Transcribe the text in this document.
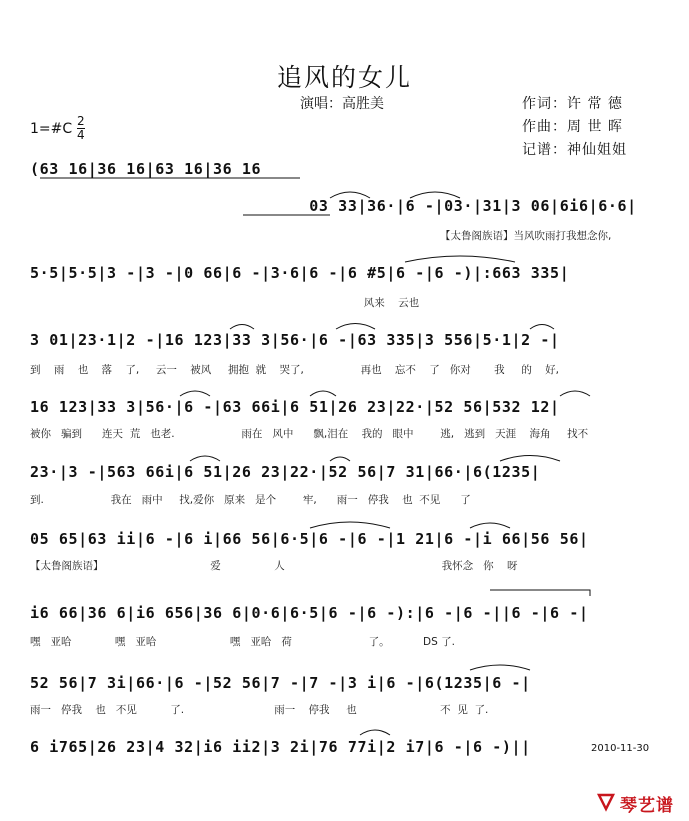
追风的女儿
演唱：高胜美	作词：许 常 德
作曲：周 世 晖
记谱：神仙姐姐
1=#C 2
4
(63 16|36 16|63 16|36 16
03 33|36·|6 -|03·|31|3 06|6i6|6·6|
【太鲁阁族语】当风吹雨打我想念你,
5·5|5·5|3 -|3 -|0 66|6 -|3·6|6 -|6 #5|6 -|6 -)|:663 335|
风来    云也
3 01|23·1|2 -|16 123|33 3|56·|6 -|63 335|3 556|5·1|2 -|
到    雨    也    落    了,     云一    被风     拥抱  就    哭了,                 再也    忘不    了   你对       我     的    好,
16 123|33 3|56·|6 -|63 66i|6 51|26 23|22·|52 56|532 12|
被你   骗到      连天  荒   也老.                    雨在   风中      飘,泪在    我的   眼中        逃,   逃到   天涯    海角     找不
23·|3 -|563 66i|6 51|26 23|22·|52 56|7 31|66·|6(1235|
到.                    我在   雨中     找,爱你   原来   是个        牢,      雨一   停我    也  不见      了
05 65|63 ii|6 -|6 i|66 56|6·5|6 -|6 -|1 21|6 -|i 66|56 56|
【太鲁阁族语】                                爱                人                                               我怀念   你    呀
i6 66|36 6|i6 656|36 6|0·6|6·5|6 -|6 -):|6 -|6 -||6 -|6 -|
嘿   亚哈             嘿   亚哈                      嘿   亚哈   荷                       了。          DS 了.
52 56|7 3i|66·|6 -|52 56|7 -|7 -|3 i|6 -|6(1235|6 -|
雨一   停我    也   不见          了.                           雨一    停我     也                         不  见  了.
6 i765|26 23|4 32|i6 ii2|3 2i|76 77i|2 i7|6 -|6 -)||	2010-11-30
琴艺谱
